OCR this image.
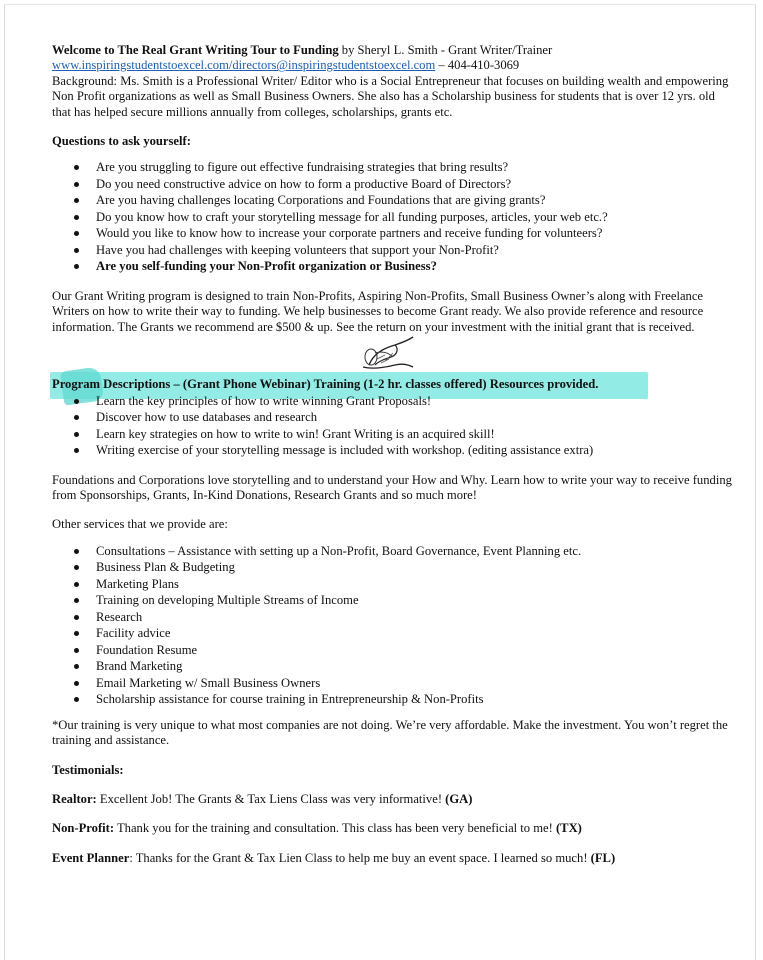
Welcome to The Real Grant Writing Tour to Funding by Sheryl L. Smith - Grant Writer/Trainer

www.inspiringstudentstoexcel.com/directors@inspiringstudentstoexcel.com – 404-410-3069

Background: Ms. Smith is a Professional Writer/ Editor who is a Social Entrepreneur that focuses on building wealth and empowering Non Profit organizations as well as Small Business Owners. She also has a Scholarship business for students that is over 12 yrs. old that has helped secure millions annually from colleges, scholarships, grants etc.

Questions to ask yourself:

Are you struggling to figure out effective fundraising strategies that bring results?
Do you need constructive advice on how to form a productive Board of Directors?
Are you having challenges locating Corporations and Foundations that are giving grants?
Do you know how to craft your storytelling message for all funding purposes, articles, your web etc.?
Would you like to know how to increase your corporate partners and receive funding for volunteers?
Have you had challenges with keeping volunteers that support your Non-Profit?
Are you self-funding your Non-Profit organization or Business?

Our Grant Writing program is designed to train Non-Profits, Aspiring Non-Profits, Small Business Owner’s along with Freelance Writers on how to write their way to funding. We help businesses to become Grant ready. We also provide reference and resource information. The Grants we recommend are $500 & up. See the return on your investment with the initial grant that is received.

Program Descriptions – (Grant Phone Webinar) Training (1-2 hr. classes offered) Resources provided.

Learn the key principles of how to write winning Grant Proposals!
Discover how to use databases and research
Learn key strategies on how to write to win! Grant Writing is an acquired skill!
Writing exercise of your storytelling message is included with workshop. (editing assistance extra)

Foundations and Corporations love storytelling and to understand your How and Why. Learn how to write your way to receive funding from Sponsorships, Grants, In-Kind Donations, Research Grants and so much more!

Other services that we provide are:

Consultations – Assistance with setting up a Non-Profit, Board Governance, Event Planning etc.
Business Plan & Budgeting
Marketing Plans
Training on developing Multiple Streams of Income
Research
Facility advice
Foundation Resume
Brand Marketing
Email Marketing w/ Small Business Owners
Scholarship assistance for course training in Entrepreneurship & Non-Profits

*Our training is very unique to what most companies are not doing. We’re very affordable. Make the investment. You won’t regret the training and assistance.

Testimonials:

Realtor: Excellent Job! The Grants & Tax Liens Class was very informative! (GA)

Non-Profit: Thank you for the training and consultation. This class has been very beneficial to me! (TX)

Event Planner: Thanks for the Grant & Tax Lien Class to help me buy an event space. I learned so much! (FL)
